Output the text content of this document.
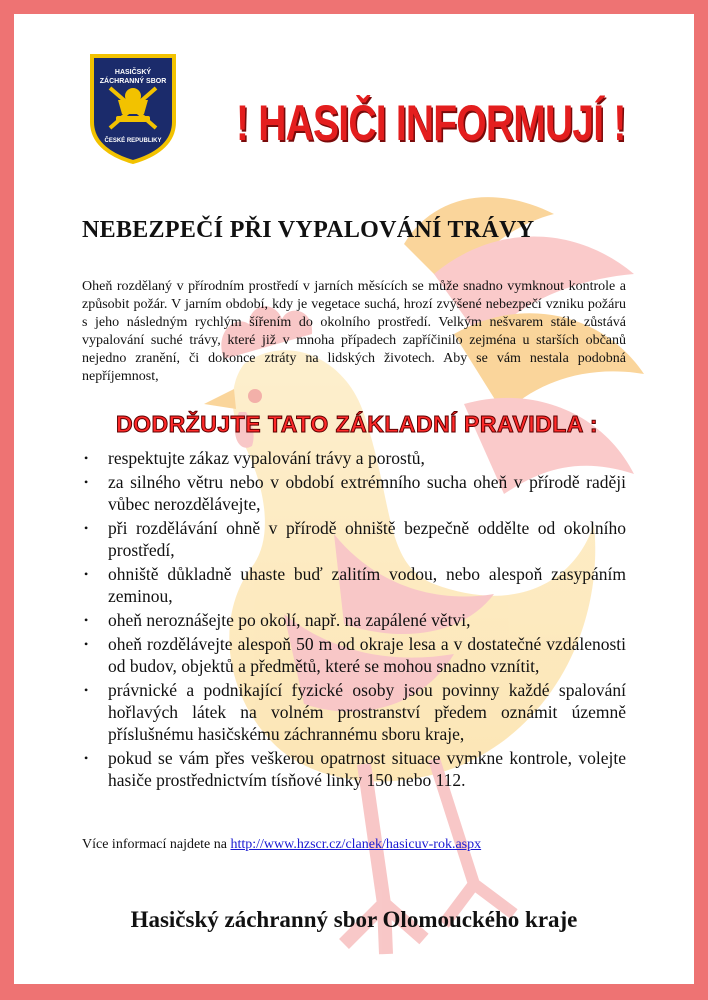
HASIČSKÝ
ZÁCHRANNÝ SBOR
ČESKÉ REPUBLIKY ! HASIČI INFORMUJÍ !
NEBEZPEČÍ PŘI VYPALOVÁNÍ TRÁVY

Oheň rozdělaný v přírodním prostředí v jarních měsících se může snadno vymknout kontrole a způsobit požár. V jarním období, kdy je vegetace suchá, hrozí zvýšené nebezpečí vzniku požáru s jeho následným rychlým šířením do okolního prostředí. Velkým nešvarem stále zůstává vypalování suché trávy, které již v mnoha případech zapříčinilo zejména u starších občanů nejedno zranění, či dokonce ztráty na lidských životech. Aby se vám nestala podobná nepříjemnost,

DODRŽUJTE TATO ZÁKLADNÍ PRAVIDLA :
• respektujte zákaz vypalování trávy a porostů,
• za silného větru nebo v období extrémního sucha oheň v přírodě raději vůbec nerozdělávejte,
• při rozdělávání ohně v přírodě ohniště bezpečně oddělte od okolního prostředí,
• ohniště důkladně uhaste buď zalitím vodou, nebo alespoň zasypáním zeminou,
• oheň neroznášejte po okolí, např. na zapálené větvi,
• oheň rozdělávejte alespoň 50 m od okraje lesa a v dostatečné vzdálenosti od budov, objektů a předmětů, které se mohou snadno vznítit,
• právnické a podnikající fyzické osoby jsou povinny každé spalování hořlavých látek na volném prostranství předem oznámit územně příslušnému hasičskému záchrannému sboru kraje,
• pokud se vám přes veškerou opatrnost situace vymkne kontrole, volejte hasiče prostřednictvím tísňové linky 150 nebo 112.

Více informací najdete na http://www.hzscr.cz/clanek/hasicuv-rok.aspx

Hasičský záchranný sbor Olomouckého kraje
